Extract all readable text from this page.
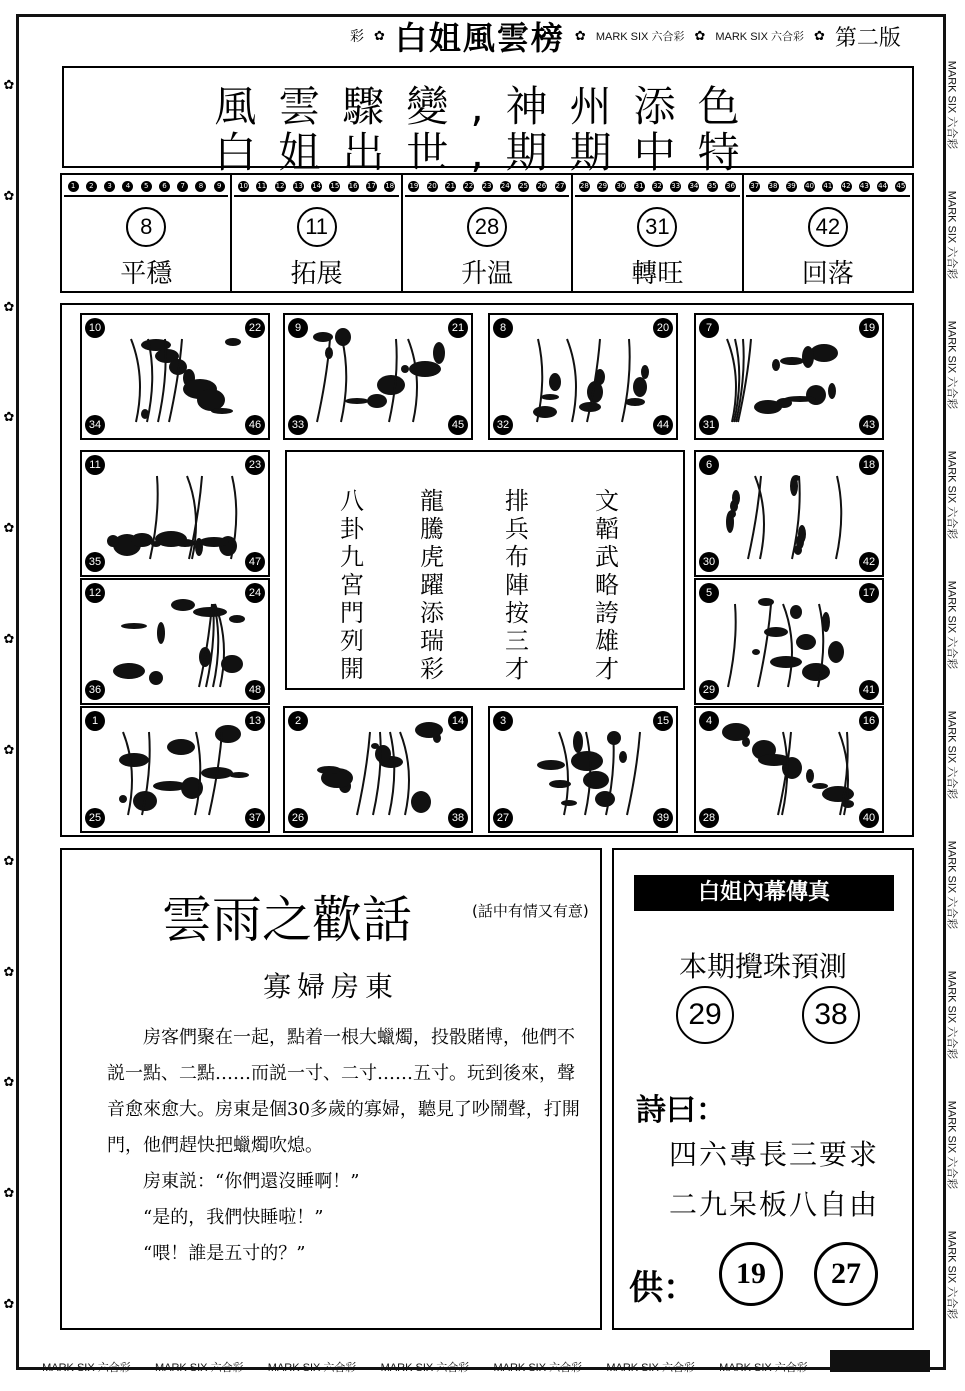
✿
✿
✿
✿
✿
✿
✿
✿
✿
✿
✿
✿
MARK SIX 六合彩
MARK SIX 六合彩
MARK SIX 六合彩
MARK SIX 六合彩
MARK SIX 六合彩
MARK SIX 六合彩
MARK SIX 六合彩
MARK SIX 六合彩
MARK SIX 六合彩
MARK SIX 六合彩
MARK SIX 六合彩 MARK SIX 六合彩 MARK SIX 六合彩 MARK SIX 六合彩 MARK SIX 六合彩 MARK SIX 六合彩 MARK SIX 六合彩
彩 ✿ 白姐風雲榜 ✿ MARK SIX 六合彩 ✿ MARK SIX 六合彩 ✿ 第二版
風雲驟變,神州添色
白姐出世,期期中特
1	2	3	4	5	6	7	8	9
8
平穩
10 11 12 13 14 15 16 17 18
11
拓展
19 20 21 22 23 24 25 26 27
28
升温
28 29 30 31 32 33 34 35 36
31
轉旺
37 38 39 40 41 42 43 44 45
42
回落
10	22
34	46
9	21
33	45
8	20
32	44
7	19
31	43
11	23
35	47
6	18
30	42
12	24
36	48
5	17
29	41
1	13
25	37
49
2	14
26	38
3	15
27	39
4	16
28	40
八
卦
九
宮
門
列
開
龍
騰
虎
躍
添
瑞
彩
排
兵
布
陣
按
三
才
文
韜
武
略
誇
雄
才
雲雨之歡話	(話中有情又有意)
寡婦房東

　　房客們聚在一起，點着一根大蠟燭，投骰賭博，他們不説一點、二點……而説一寸、二寸……五寸。玩到後來，聲音愈來愈大。房東是個30多歲的寡婦，聽見了吵鬧聲，打開門，他們趕快把蠟燭吹熄。

　　房東説：“你們還沒睡啊！”

　　“是的，我們快睡啦！”

　　“喂！誰是五寸的？”

白姐內幕傳真
本期攪珠預測
29	38
詩曰：
四六專長三要求
二九呆板八自由
供：	19	27
